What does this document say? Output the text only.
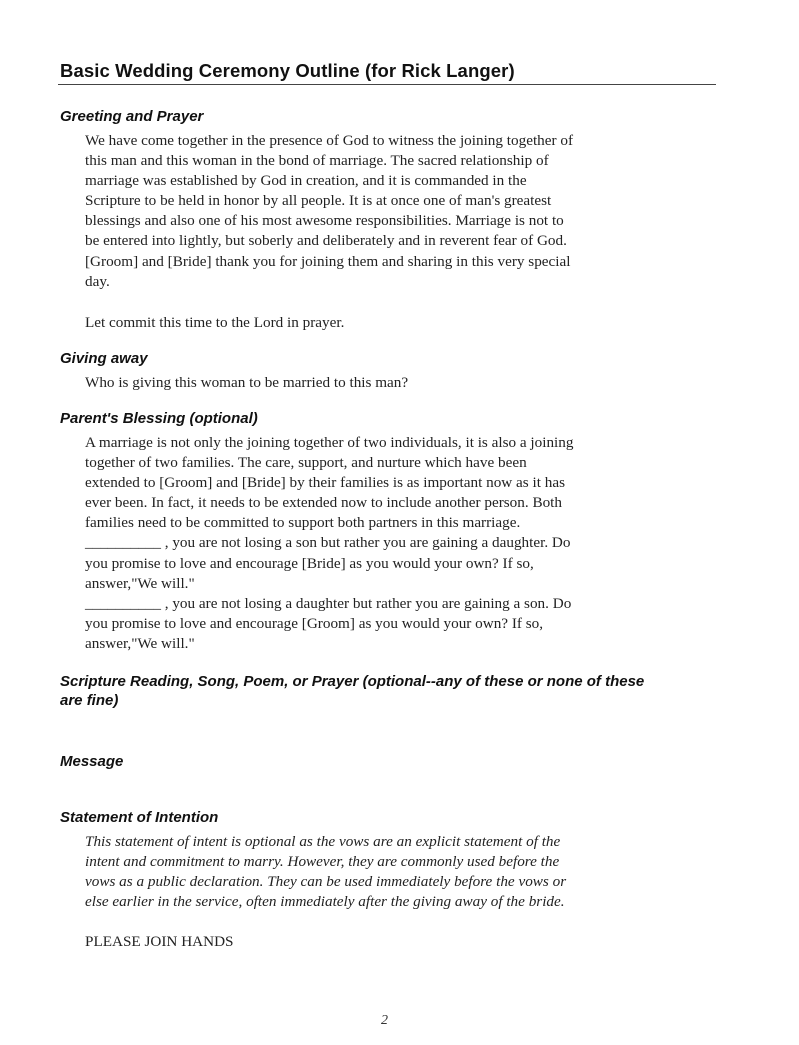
Basic Wedding Ceremony Outline (for Rick Langer)
Greeting and Prayer
We have come together in the presence of God to witness the joining together of
this man and this woman in the bond of marriage. The sacred relationship of
marriage was established by God in creation, and it is commanded in the
Scripture to be held in honor by all people. It is at once one of man's greatest
blessings and also one of his most awesome responsibilities. Marriage is not to
be entered into lightly, but soberly and deliberately and in reverent fear of God.
[Groom] and [Bride] thank you for joining them and sharing in this very special
day.

Let commit this time to the Lord in prayer.

Giving away

Who is giving this woman to be married to this man?

Parent's Blessing (optional)
A marriage is not only the joining together of two individuals, it is also a joining
together of two families. The care, support, and nurture which have been
extended to [Groom] and [Bride] by their families is as important now as it has
ever been. In fact, it needs to be extended now to include another person. Both
families need to be committed to support both partners in this marriage.
__________ , you are not losing a son but rather you are gaining a daughter. Do
you promise to love and encourage [Bride] as you would your own? If so,
answer,"We will."
__________ , you are not losing a daughter but rather you are gaining a son. Do
you promise to love and encourage [Groom] as you would your own? If so,
answer,"We will."
Scripture Reading, Song, Poem, or Prayer (optional--any of these or none of these
are fine)
Message
Statement of Intention
This statement of intent is optional as the vows are an explicit statement of the
intent and commitment to marry. However, they are commonly used before the
vows as a public declaration. They can be used immediately before the vows or
else earlier in the service, often immediately after the giving away of the bride.

PLEASE JOIN HANDS

2
